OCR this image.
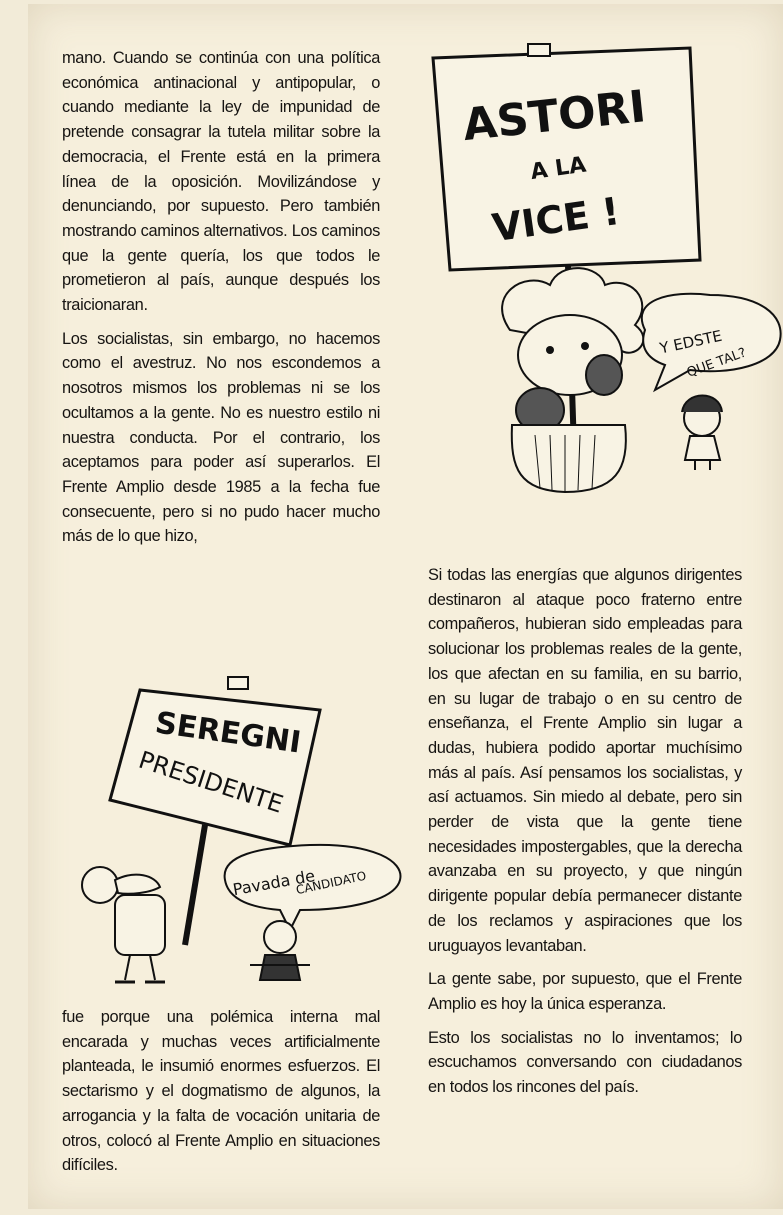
mano. Cuando se continúa con una política económica antinacional y antipopular, o cuando mediante la ley de impunidad de pretende consagrar la tutela militar sobre la democracia, el Frente está en la primera línea de la oposición. Movilizándose y denunciando, por supuesto. Pero también mostrando caminos alternativos. Los caminos que la gente quería, los que todos le prometieron al país, aunque después los traicionaran.

Los socialistas, sin embargo, no hacemos como el avestruz. No nos escondemos a nosotros mismos los problemas ni se los ocultamos a la gente. No es nuestro estilo ni nuestra conducta. Por el contrario, los aceptamos para poder así superarlos. El Frente Amplio desde 1985 a la fecha fue consecuente, pero si no pudo hacer mucho más de lo que hizo,

fue porque una polémica interna mal encarada y muchas veces artificialmente planteada, le insumió enormes esfuerzos. El sectarismo y el dogmatismo de algunos, la arrogancia y la falta de vocación unitaria de otros, colocó al Frente Amplio en situaciones difíciles.

Si todas las energías que algunos dirigentes destinaron al ataque poco fraterno entre compañeros, hubieran sido empleadas para solucionar los problemas reales de la gente, los que afectan en su familia, en su barrio, en su lugar de trabajo o en su centro de enseñanza, el Frente Amplio sin lugar a dudas, hubiera podido aportar muchísimo más al país. Así pensamos los socialistas, y así actuamos. Sin miedo al debate, pero sin perder de vista que la gente tiene necesidades impostergables, que la derecha avanzaba en su proyecto, y que ningún dirigente popular debía permanecer distante de los reclamos y aspiraciones que los uruguayos levantaban.

La gente sabe, por supuesto, que el Frente Amplio es hoy la única esperanza.

Esto los socialistas no lo inventamos; lo escuchamos conversando con ciudadanos en todos los rincones del país.

ASTORI
A LA
VICE !
Y EDSTE
QUE TAL?
SEREGNI
PRESIDENTE
Pavada de
CANDIDATO
